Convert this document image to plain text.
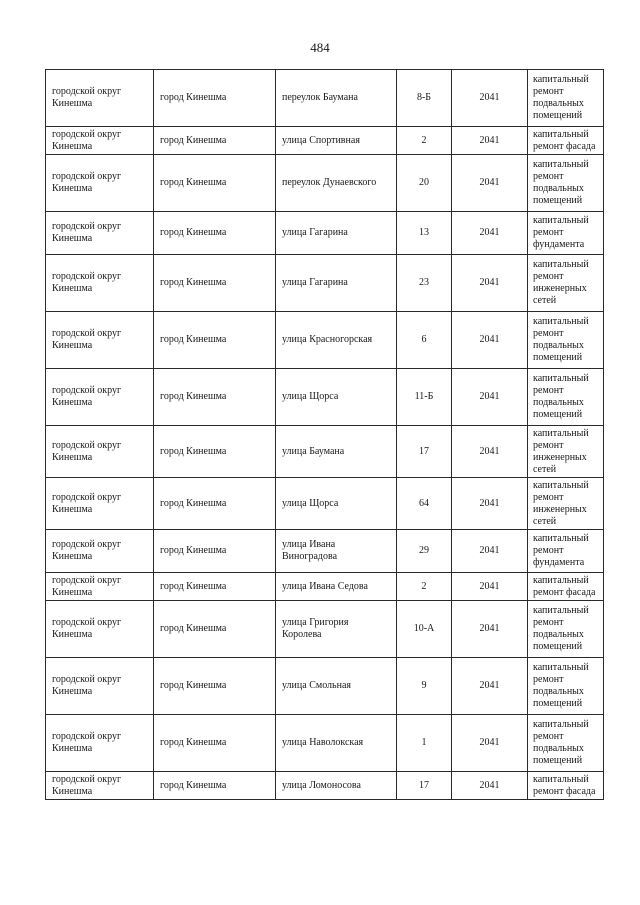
484
городской округ
Кинешма	город Кинешма	переулок Баумана	8-Б	2041	капитальный
ремонт
подвальных
помещений

городской округ
Кинешма	город Кинешма	улица Спортивная	2	2041	капитальный
ремонт фасада

городской округ
Кинешма	город Кинешма	переулок Дунаевского	20	2041	капитальный
ремонт
подвальных
помещений

городской округ
Кинешма	город Кинешма	улица Гагарина	13	2041	капитальный
ремонт
фундамента

городской округ
Кинешма	город Кинешма	улица Гагарина	23	2041	капитальный
ремонт
инженерных
сетей

городской округ
Кинешма	город Кинешма	улица Красногорская	6	2041	капитальный
ремонт
подвальных
помещений

городской округ
Кинешма	город Кинешма	улица Щорса	11-Б	2041	капитальный
ремонт
подвальных
помещений

городской округ
Кинешма	город Кинешма	улица Баумана	17	2041	капитальный
ремонт
инженерных
сетей

городской округ
Кинешма	город Кинешма	улица Щорса	64	2041	капитальный
ремонт
инженерных
сетей

городской округ
Кинешма	город Кинешма	улица Ивана
Виноградова	29	2041	капитальный
ремонт
фундамента

городской округ
Кинешма	город Кинешма	улица Ивана Седова	2	2041	капитальный
ремонт фасада

городской округ
Кинешма	город Кинешма	улица Григория
Королева	10-А	2041	капитальный
ремонт
подвальных
помещений

городской округ
Кинешма	город Кинешма	улица Смольная	9	2041	капитальный
ремонт
подвальных
помещений

городской округ
Кинешма	город Кинешма	улица Наволокская	1	2041	капитальный
ремонт
подвальных
помещений

городской округ
Кинешма	город Кинешма	улица Ломоносова	17	2041	капитальный
ремонт фасада
